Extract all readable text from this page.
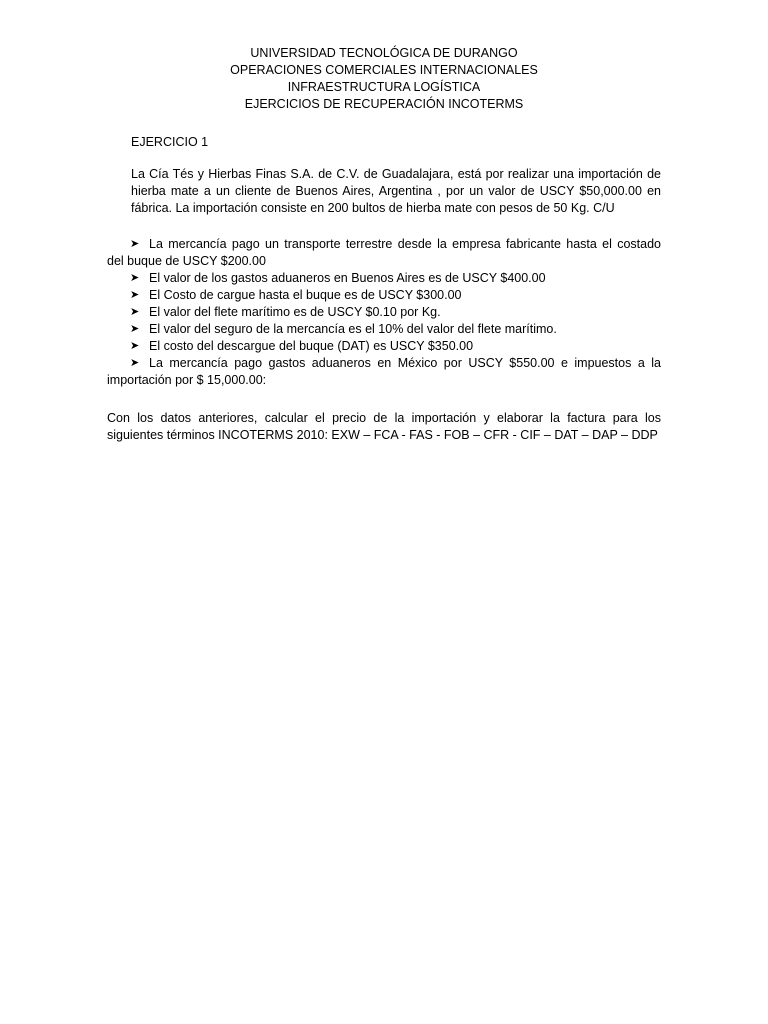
UNIVERSIDAD TECNOLÓGICA DE DURANGO
OPERACIONES COMERCIALES INTERNACIONALES
INFRAESTRUCTURA LOGÍSTICA
EJERCICIOS DE RECUPERACIÓN INCOTERMS
EJERCICIO 1
La Cía Tés y Hierbas Finas S.A. de C.V. de Guadalajara, está por realizar una importación de
hierba mate a un cliente de Buenos Aires, Argentina , por un valor de USCY $50,000.00 en
fábrica. La importación consiste en 200 bultos de hierba mate con pesos de 50 Kg. C/U
➤ La mercancía pago un transporte terrestre desde la empresa fabricante hasta el costado
del buque de USCY $200.00
➤ El valor de los gastos aduaneros en Buenos Aires es de USCY $400.00
➤ El Costo de cargue hasta el buque es de USCY $300.00
➤ El valor del flete marítimo es de USCY $0.10 por Kg.
➤ El valor del seguro de la mercancía es el 10% del valor del flete marítimo.
➤ El costo del descargue del buque (DAT) es USCY $350.00
➤ La mercancía pago gastos aduaneros en México por USCY $550.00 e impuestos a la
importación por $ 15,000.00:
Con los datos anteriores, calcular el precio de la importación y elaborar la factura para los
siguientes términos INCOTERMS 2010: EXW – FCA - FAS - FOB – CFR - CIF – DAT – DAP – DDP
